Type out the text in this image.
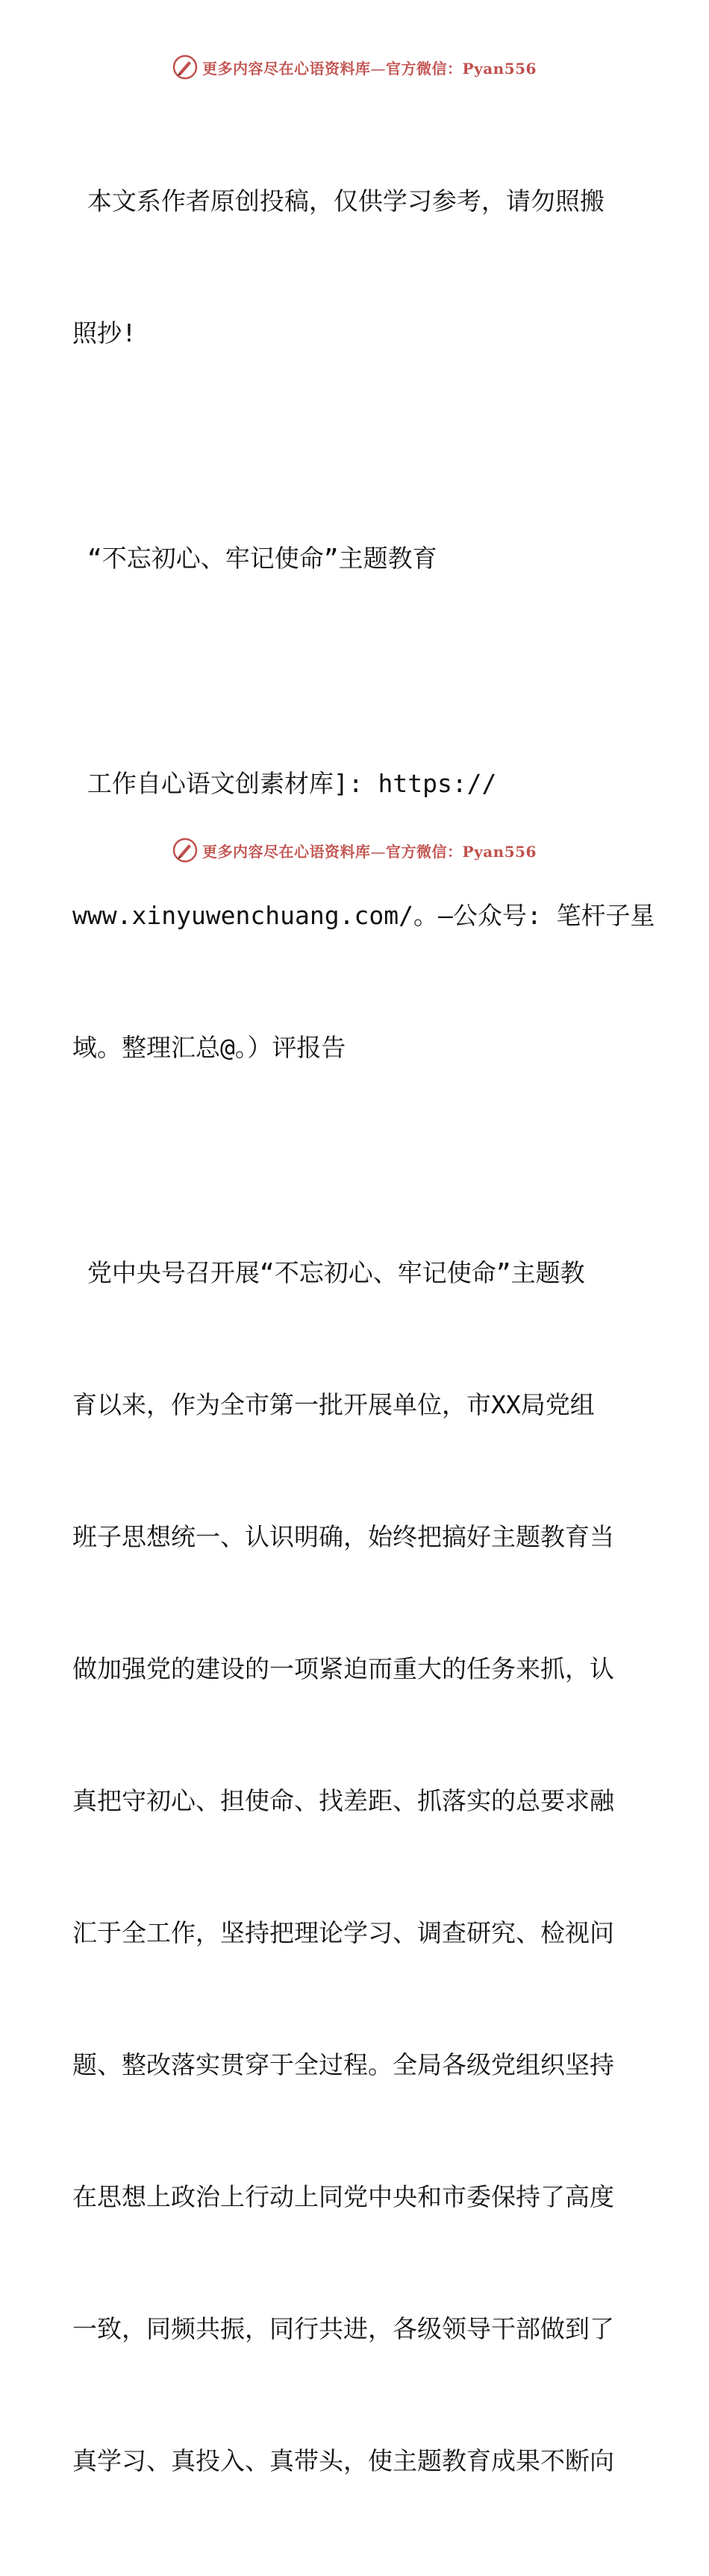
更多内容尽在心语资料库—官方微信：Pyan556

本文系作者原创投稿，仅供学习参考，请勿照搬

照抄!

“不忘初心、牢记使命”主题教育

工作自心语文创素材库]: https://

www.xinyuwenchuang.com/。—公众号: 笔杆子星

域。整理汇总@。）评报告

党中央号召开展“不忘初心、牢记使命”主题教

育以来，作为全市第一批开展单位，市XX局党组

班子思想统一、认识明确，始终把搞好主题教育当

做加强党的建设的一项紧迫而重大的任务来抓，认

真把守初心、担使命、找差距、抓落实的总要求融

汇于全工作，坚持把理论学习、调查研究、检视问

题、整改落实贯穿于全过程。全局各级党组织坚持

在思想上政治上行动上同党中央和市委保持了高度

一致，同频共振，同行共进，各级领导干部做到了

真学习、真投入、真带头，使主题教育成果不断向

更多内容尽在心语资料库—官方微信：Pyan556
